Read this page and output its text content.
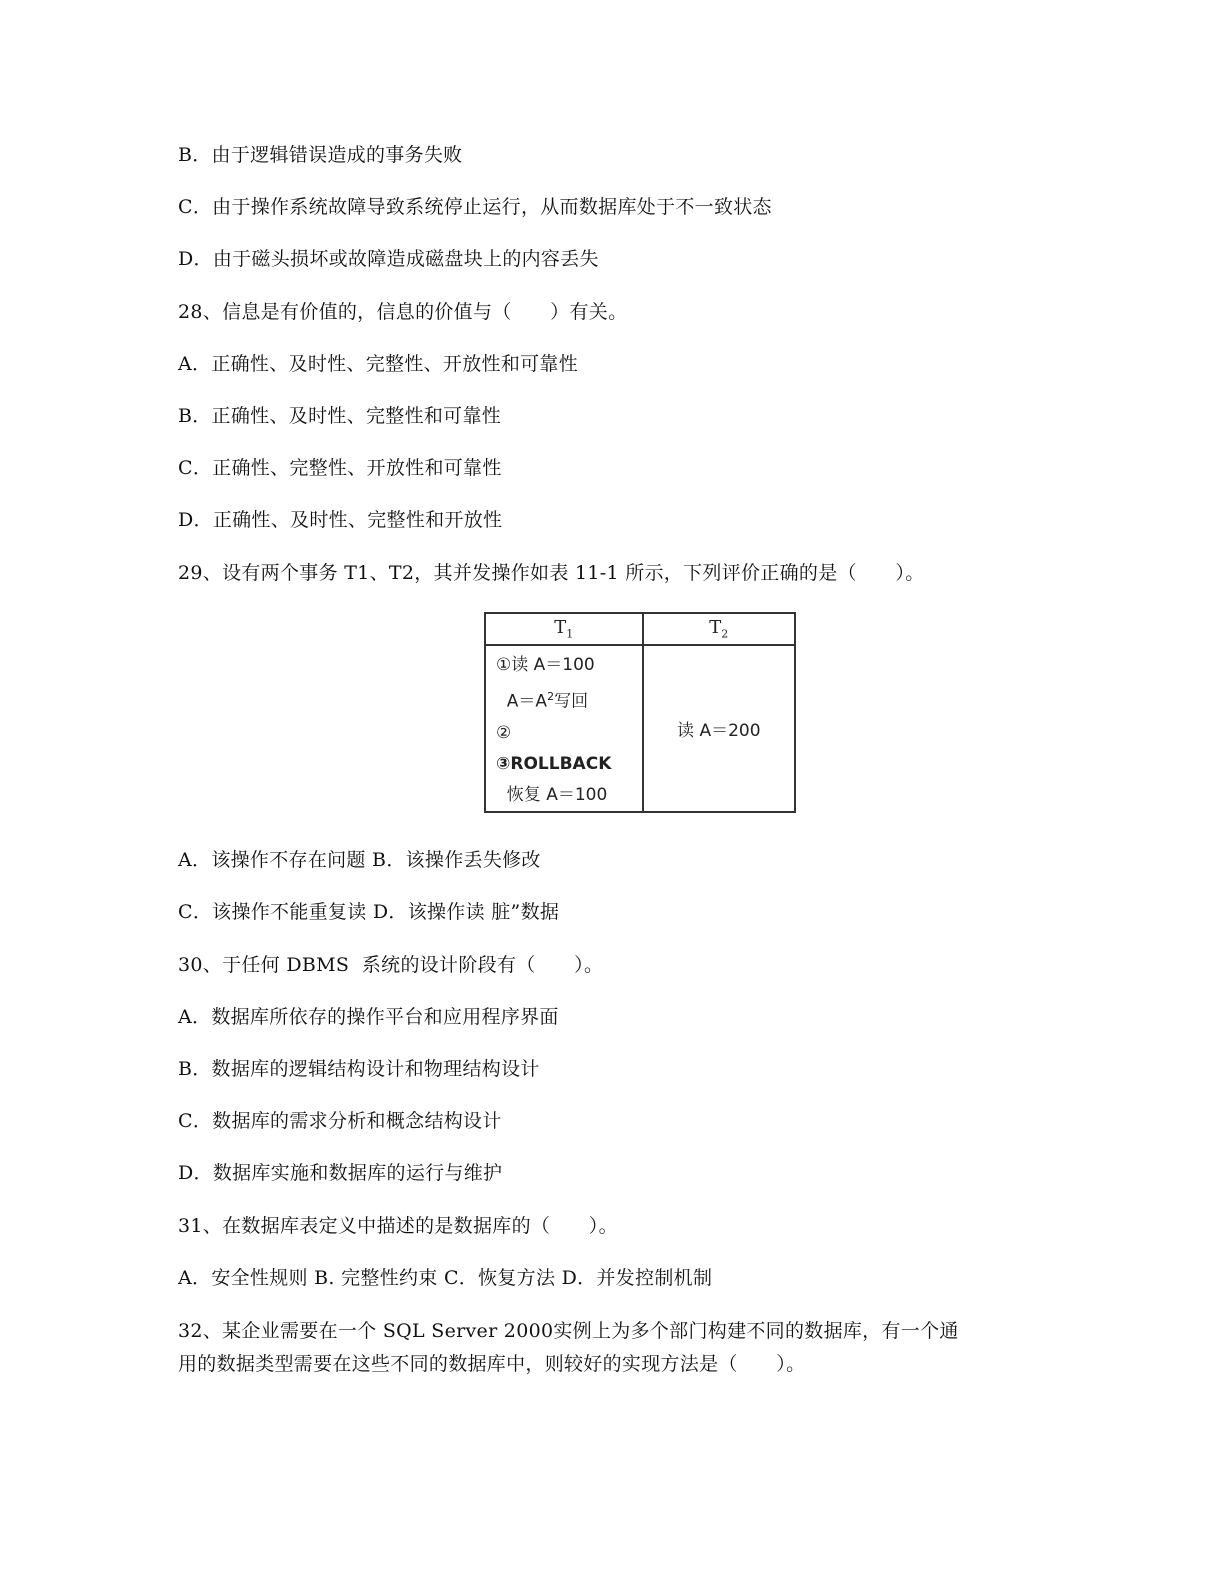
B．由于逻辑错误造成的事务失败
C．由于操作系统故障导致系统停止运行，从而数据库处于不一致状态
D．由于磁头损坏或故障造成磁盘块上的内容丢失
28、信息是有价值的，信息的价值与（　　）有关。
A．正确性、及时性、完整性、开放性和可靠性
B．正确性、及时性、完整性和可靠性
C．正确性、完整性、开放性和可靠性
D．正确性、及时性、完整性和开放性
29、设有两个事务 T1、T2，其并发操作如表 11-1 所示，下列评价正确的是（　　）。
$T_1$	$T_2$

①读 A＝100
$A=A^2$写回
②
③ROLLBACK
恢复 A＝100	读 A＝200
A．该操作不存在问题 B．该操作丢失修改
C．该操作不能重复读 D．该操作读 脏”数据
30、于任何 DBMS  系统的设计阶段有（　　）。
A．数据库所依存的操作平台和应用程序界面
B．数据库的逻辑结构设计和物理结构设计
C．数据库的需求分析和概念结构设计
D．数据库实施和数据库的运行与维护
31、在数据库表定义中描述的是数据库的（　　）。
A．安全性规则 B. 完整性约束 C．恢复方法 D．并发控制机制
32、某企业需要在一个 SQL Server 2000实例上为多个部门构建不同的数据库，有一个通
用的数据类型需要在这些不同的数据库中，则较好的实现方法是（　　）。
